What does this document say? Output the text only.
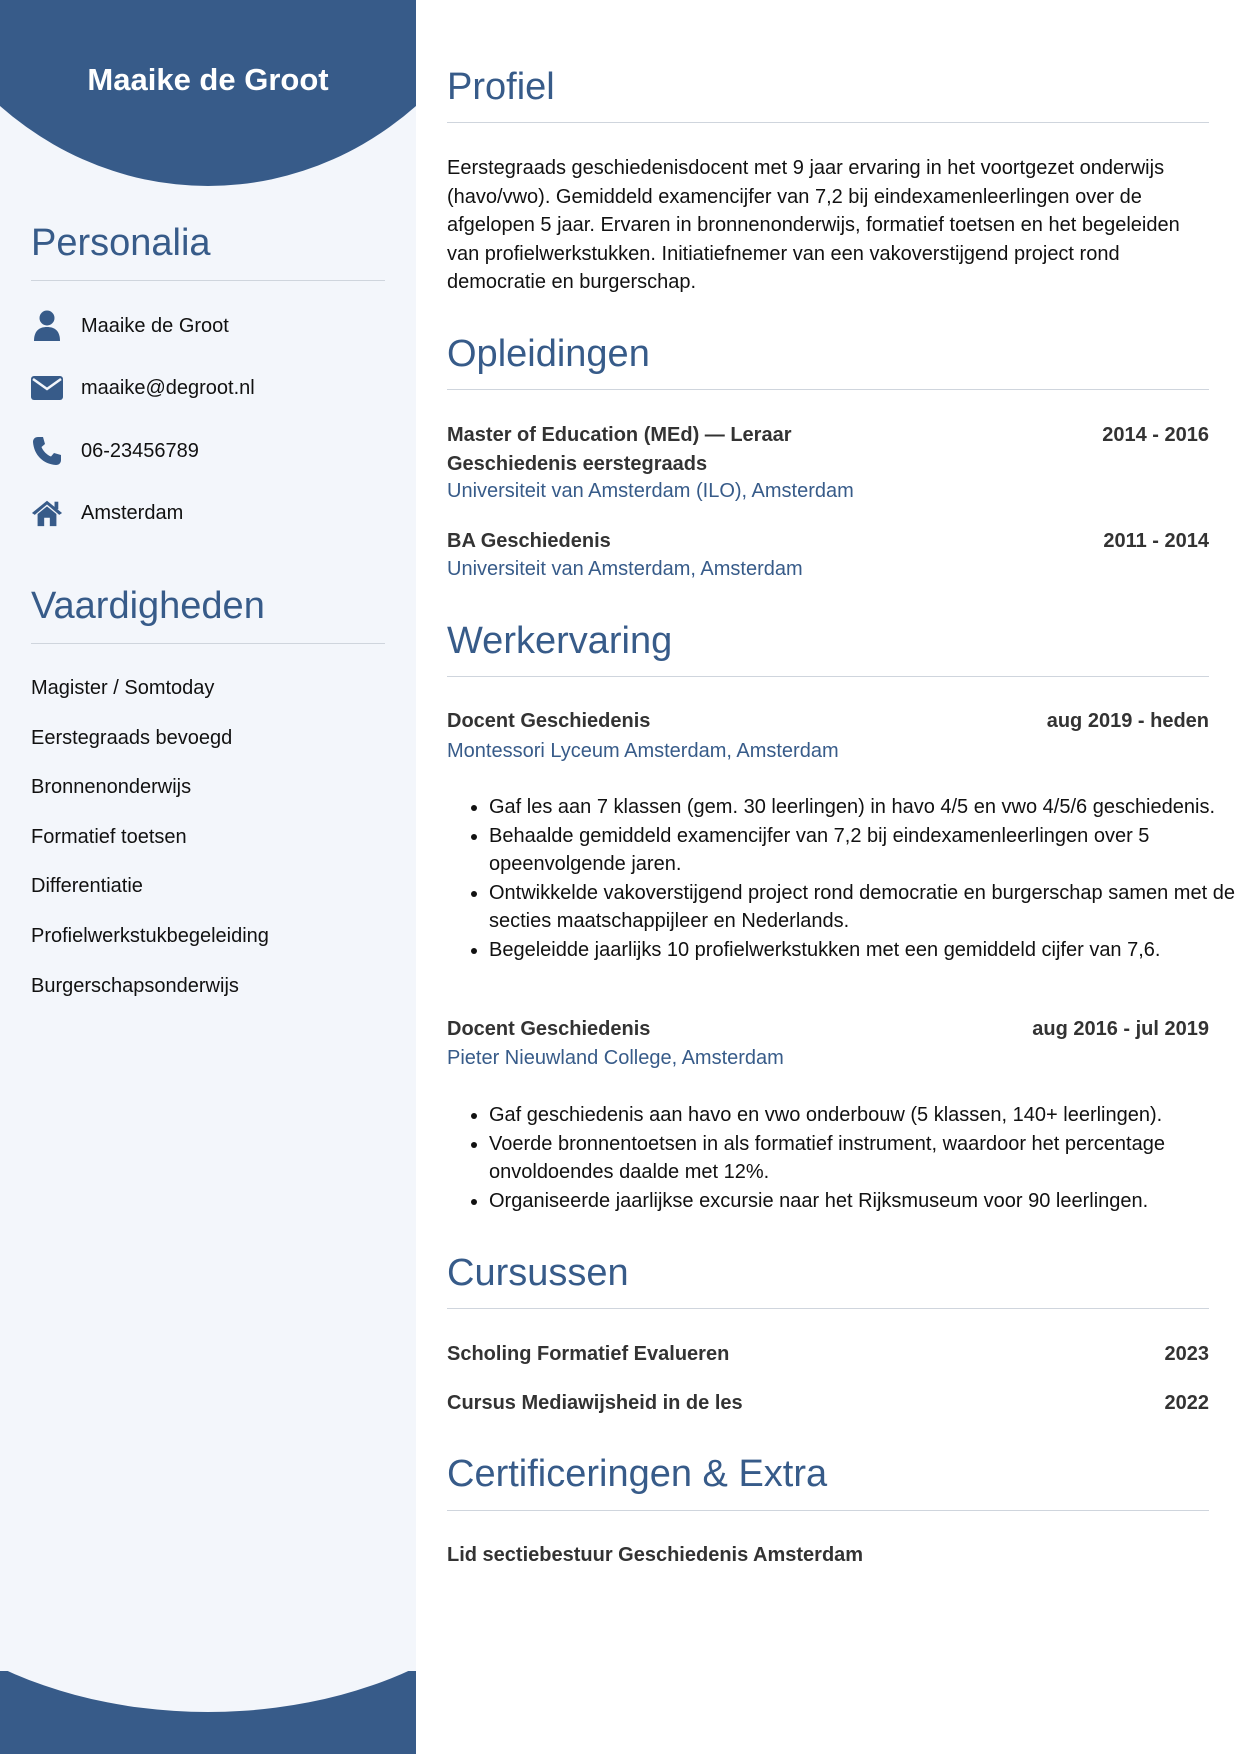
Maaike de Groot
Personalia
Maaike de Groot
maaike@degroot.nl
06-23456789
Amsterdam
Vaardigheden
Magister / Somtoday
Eerstegraads bevoegd
Bronnenonderwijs
Formatief toetsen
Differentiatie
Profielwerkstukbegeleiding
Burgerschapsonderwijs
Profiel
Eerstegraads geschiedenisdocent met 9 jaar ervaring in het voortgezet onderwijs (havo/vwo). Gemiddeld examencijfer van 7,2 bij eindexamenleerlingen over de afgelopen 5 jaar. Ervaren in bronnenonderwijs, formatief toetsen en het begeleiden van profielwerkstukken. Initiatiefnemer van een vakoverstijgend project rond democratie en burgerschap.
Opleidingen
Master of Education (MEd) — Leraar Geschiedenis eerstegraads
2014 - 2016
Universiteit van Amsterdam (ILO), Amsterdam
BA Geschiedenis	2011 - 2014
Universiteit van Amsterdam, Amsterdam
Werkervaring
Docent Geschiedenis	aug 2019 - heden
Montessori Lyceum Amsterdam, Amsterdam
• Gaf les aan 7 klassen (gem. 30 leerlingen) in havo 4/5 en vwo 4/5/6 geschiedenis.
• Behaalde gemiddeld examencijfer van 7,2 bij eindexamenleerlingen over 5 opeenvolgende jaren.
• Ontwikkelde vakoverstijgend project rond democratie en burgerschap samen met de secties maatschappijleer en Nederlands.
• Begeleidde jaarlijks 10 profielwerkstukken met een gemiddeld cijfer van 7,6.
Docent Geschiedenis	aug 2016 - jul 2019
Pieter Nieuwland College, Amsterdam
• Gaf geschiedenis aan havo en vwo onderbouw (5 klassen, 140+ leerlingen).
• Voerde bronnentoetsen in als formatief instrument, waardoor het percentage onvoldoendes daalde met 12%.
• Organiseerde jaarlijkse excursie naar het Rijksmuseum voor 90 leerlingen.
Cursussen
Scholing Formatief Evalueren	2023
Cursus Mediawijsheid in de les	2022
Certificeringen & Extra
Lid sectiebestuur Geschiedenis Amsterdam
